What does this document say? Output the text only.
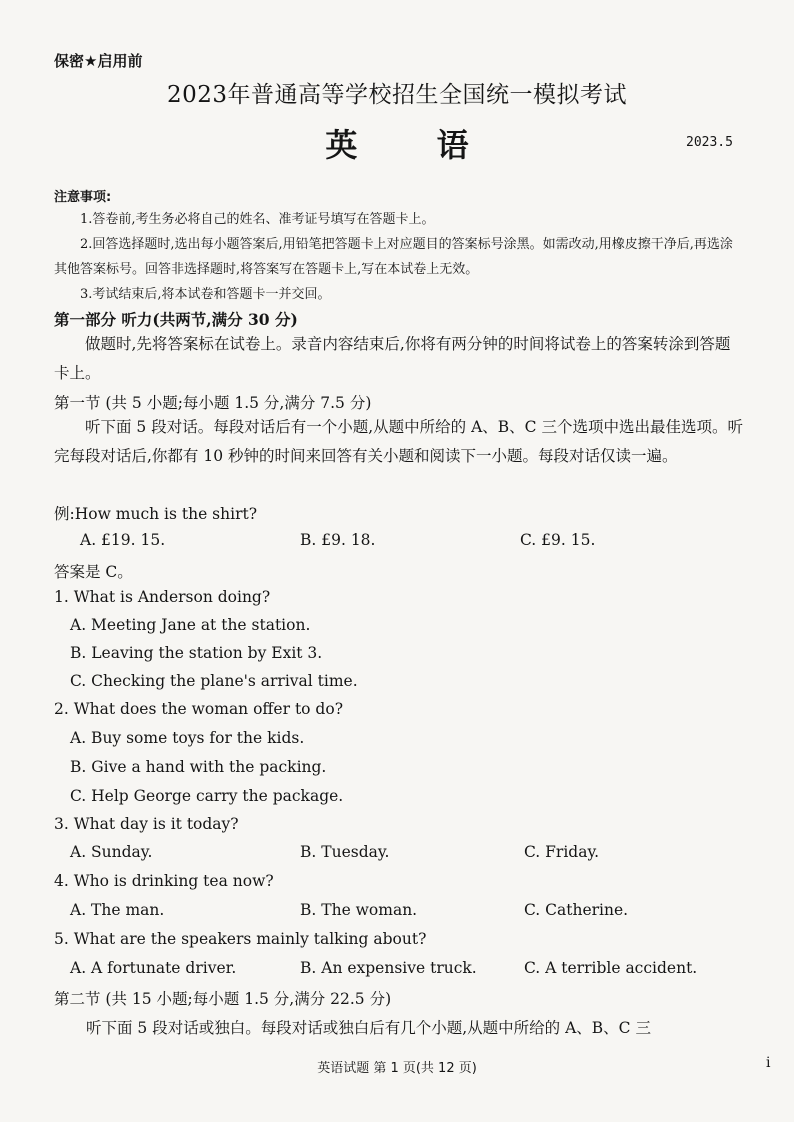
保密★启用前
2023年普通高等学校招生全国统一模拟考试
英 语	2023.5
注意事项:
1.答卷前,考生务必将自己的姓名、准考证号填写在答题卡上。
2.回答选择题时,选出每小题答案后,用铅笔把答题卡上对应题目的答案标号涂黑。如需改动,用橡皮擦干净后,再选涂其他答案标号。回答非选择题时,将答案写在答题卡上,写在本试卷上无效。
3.考试结束后,将本试卷和答题卡一并交回。
第一部分 听力(共两节,满分 30 分)
做题时,先将答案标在试卷上。录音内容结束后,你将有两分钟的时间将试卷上的答案转涂到答题卡上。
第一节 (共 5 小题;每小题 1.5 分,满分 7.5 分)
听下面 5 段对话。每段对话后有一个小题,从题中所给的 A、B、C 三个选项中选出最佳选项。听完每段对话后,你都有 10 秒钟的时间来回答有关小题和阅读下一小题。每段对话仅读一遍。
例:How much is the shirt?
A. £19. 15.	B. £9. 18.	C. £9. 15.
答案是 C。
1. What is Anderson doing?
A. Meeting Jane at the station.
B. Leaving the station by Exit 3.
C. Checking the plane's arrival time.
2. What does the woman offer to do?
A. Buy some toys for the kids.
B. Give a hand with the packing.
C. Help George carry the package.
3. What day is it today?
A. Sunday.	B. Tuesday.	C. Friday.
4. Who is drinking tea now?
A. The man.	B. The woman.	C. Catherine.
5. What are the speakers mainly talking about?
A. A fortunate driver.	B. An expensive truck.	C. A terrible accident.
第二节 (共 15 小题;每小题 1.5 分,满分 22.5 分)
听下面 5 段对话或独白。每段对话或独白后有几个小题,从题中所给的 A、B、C 三
英语试题 第 1 页(共 12 页)	i
